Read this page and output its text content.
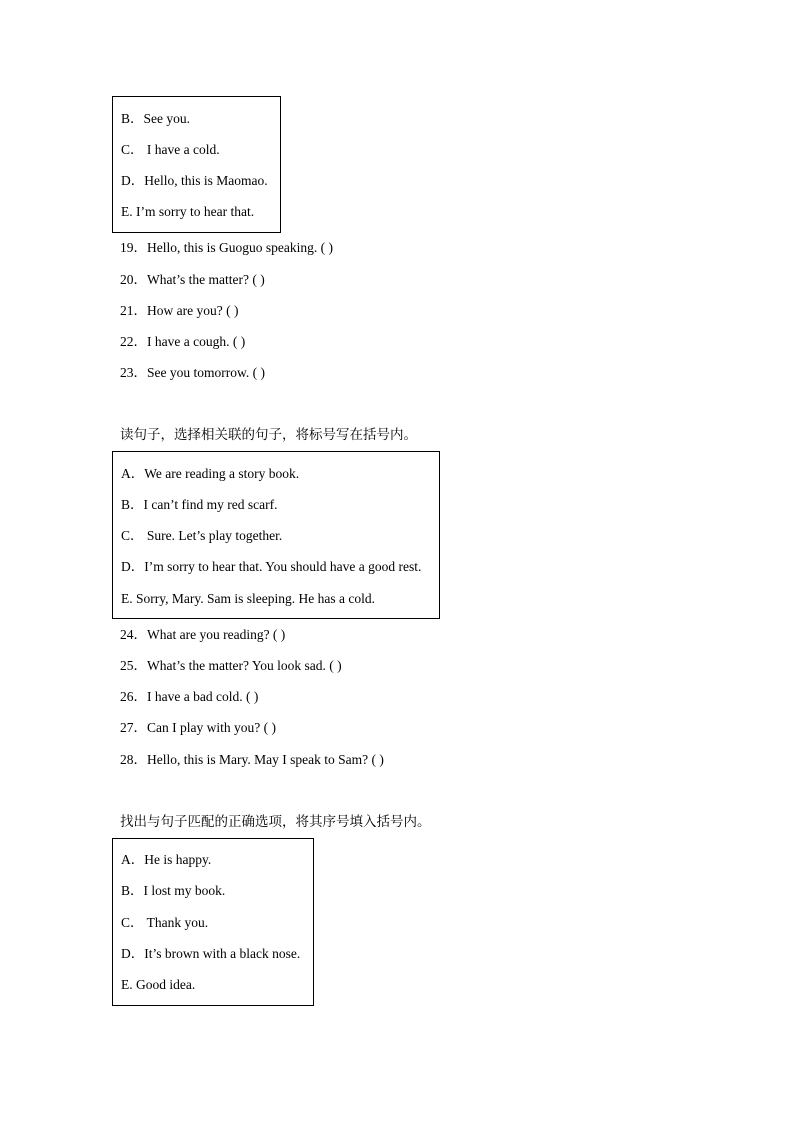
B．See you.
C． I have a cold.
D．Hello, this is Maomao.
E. I’m sorry to hear that.
19．Hello, this is Guoguo speaking. ( )
20．What’s the matter? ( )
21．How are you? ( )
22．I have a cough. ( )
23．See you tomorrow. ( )
读句子，选择相关联的句子，将标号写在括号内。
A．We are reading a story book.
B．I can’t find my red scarf.
C． Sure. Let’s play together.
D．I’m sorry to hear that. You should have a good rest.
E. Sorry, Mary. Sam is sleeping. He has a cold.
24．What are you reading? ( )
25．What’s the matter? You look sad. ( )
26．I have a bad cold. ( )
27．Can I play with you? ( )
28．Hello, this is Mary. May I speak to Sam? ( )
找出与句子匹配的正确选项，将其序号填入括号内。
A．He is happy.
B．I lost my book.
C． Thank you.
D．It’s brown with a black nose.
E. Good idea.
